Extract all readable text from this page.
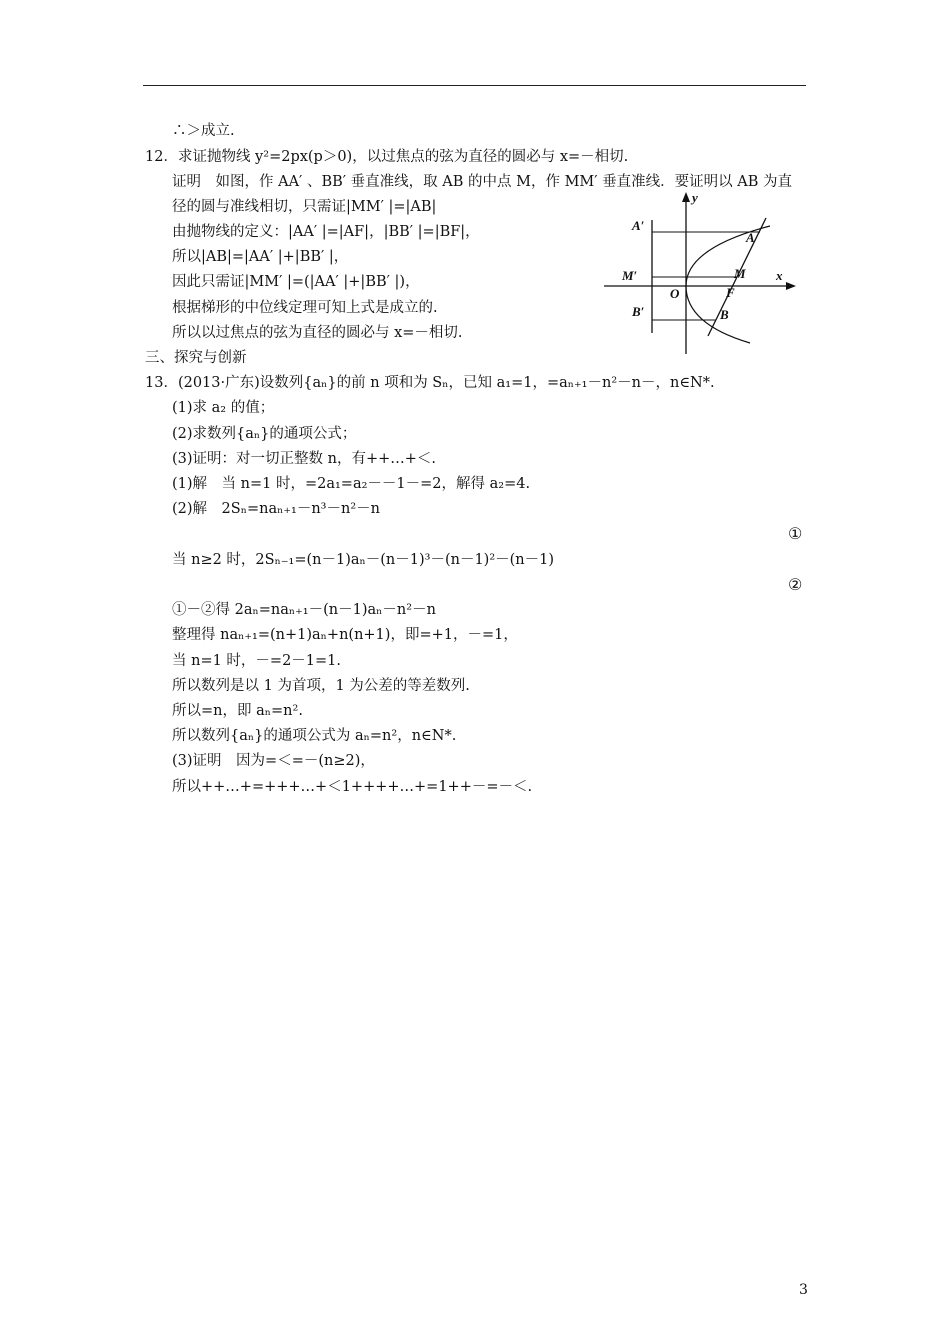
∴＞成立.
12．求证抛物线 y²=2px(p＞0)，以过焦点的弦为直径的圆必与 x=－相切.
证明　如图，作 AA′ 、BB′ 垂直准线，取 AB 的中点 M，作 MM′ 垂直准线．要证明以 AB 为直
径的圆与准线相切，只需证|MM′ |=|AB|
由抛物线的定义：|AA′ |=|AF|，|BB′ |=|BF|，
所以|AB|=|AA′ |+|BB′ |，
因此只需证|MM′ |=(|AA′ |+|BB′ |)，
根据梯形的中位线定理可知上式是成立的.
所以以过焦点的弦为直径的圆必与 x=－相切.
三、探究与创新
13．(2013·广东)设数列{aₙ}的前 n 项和为 Sₙ，已知 a₁=1，=aₙ₊₁－n²－n－，n∈N*.
(1)求 a₂ 的值；
(2)求数列{aₙ}的通项公式；
(3)证明：对一切正整数 n，有++…+＜.
(1)解　当 n=1 时，=2a₁=a₂－－1－=2，解得 a₂=4.
(2)解　2Sₙ=naₙ₊₁－n³－n²－n
①
当 n≥2 时，2Sₙ₋₁=(n－1)aₙ－(n－1)³－(n－1)²－(n－1)
②
①－②得 2aₙ=naₙ₊₁－(n－1)aₙ－n²－n
整理得 naₙ₊₁=(n+1)aₙ+n(n+1)，即=+1，－=1，
当 n=1 时，－=2－1=1.
所以数列是以 1 为首项，1 为公差的等差数列.
所以=n，即 aₙ=n².
所以数列{aₙ}的通项公式为 aₙ=n²，n∈N*.
(3)证明　因为=＜=－(n≥2)，
所以++…+=+++…+＜1++++…+=1++－=－＜.
y
x
O
A′
A
M′	M
F
B′	B
3
